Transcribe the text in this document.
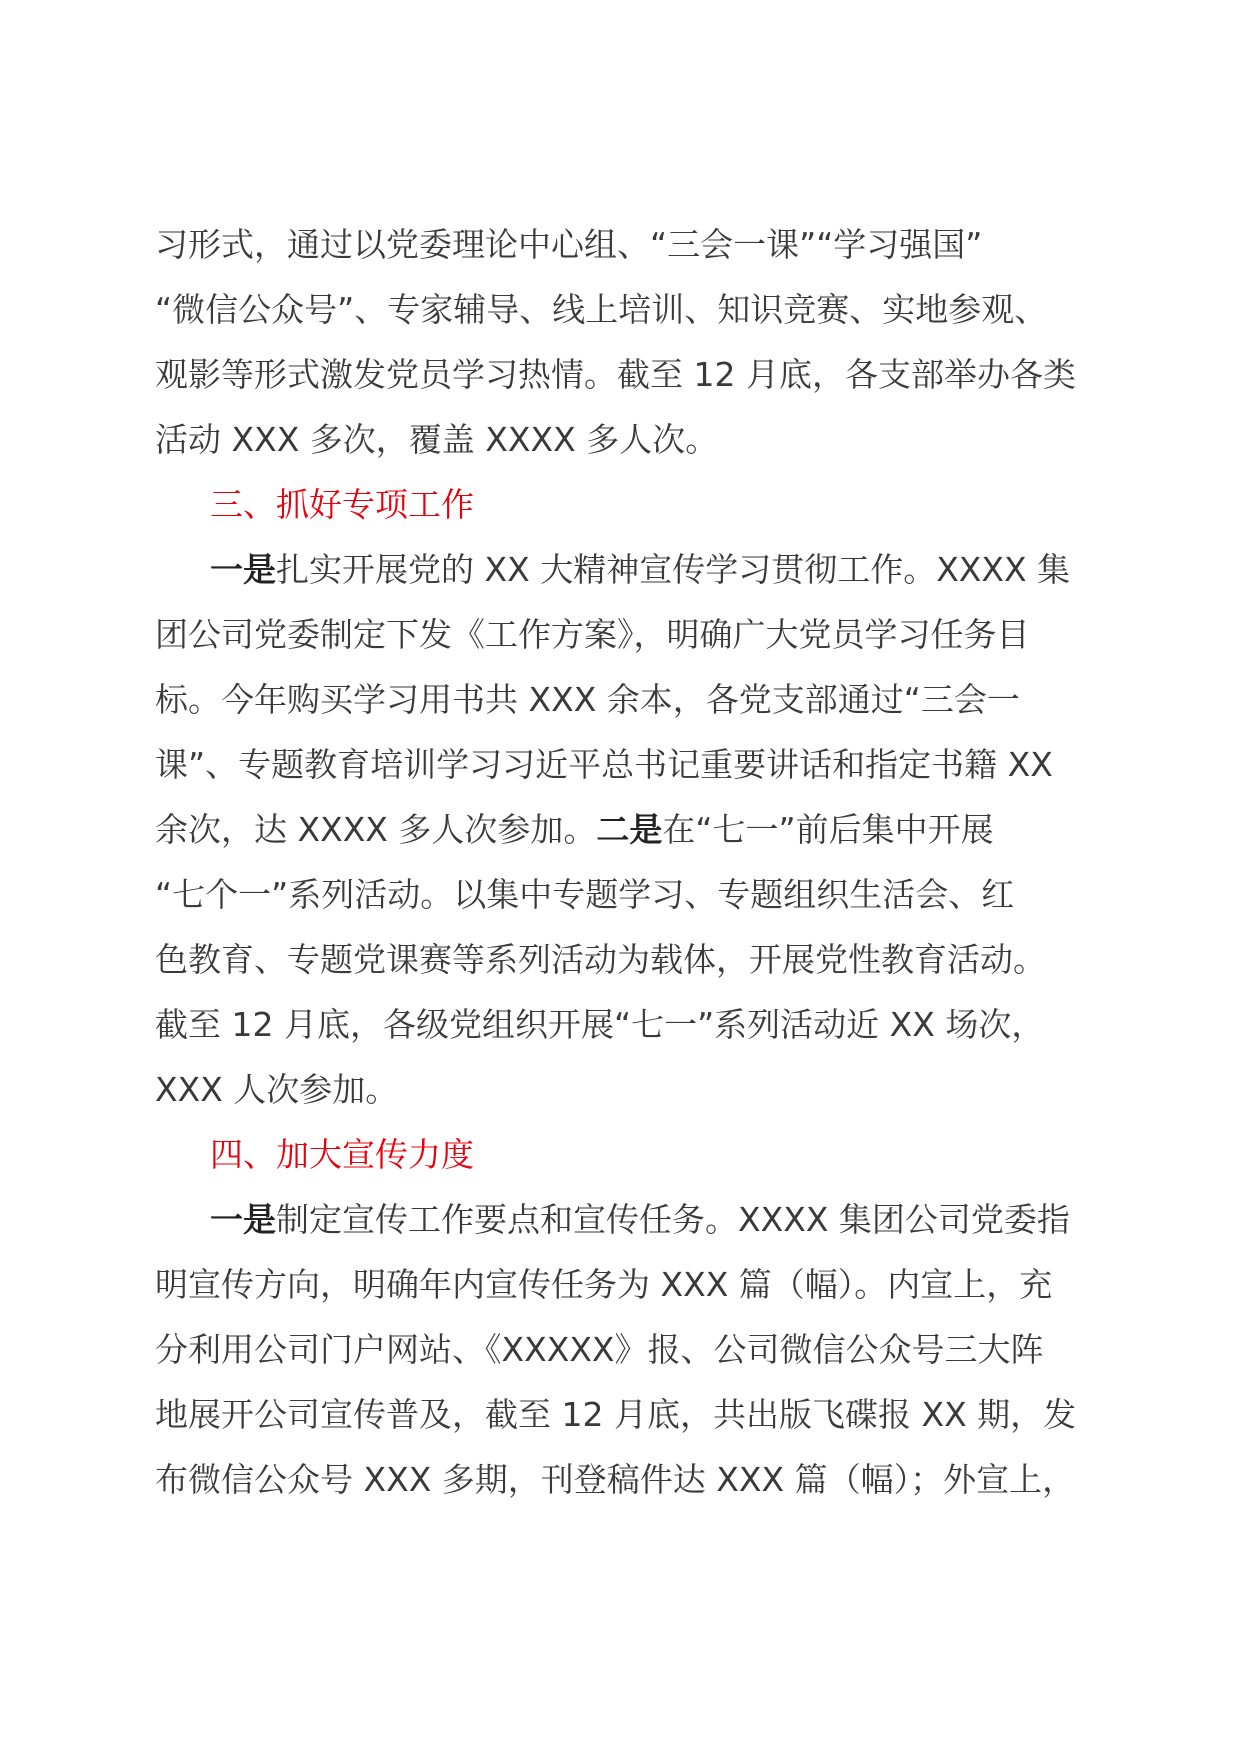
习形式，通过以党委理论中心组、“三会一课”“学习强国”
“微信公众号”、专家辅导、线上培训、知识竞赛、实地参观、
观影等形式激发党员学习热情。截至 12 月底，各支部举办各类
活动 XXX 多次，覆盖 XXXX 多人次。
三、抓好专项工作
一是扎实开展党的 XX 大精神宣传学习贯彻工作。XXXX 集
团公司党委制定下发《工作方案》，明确广大党员学习任务目
标。今年购买学习用书共 XXX 余本，各党支部通过“三会一
课”、专题教育培训学习习近平总书记重要讲话和指定书籍 XX
余次，达 XXXX 多人次参加。二是在“七一”前后集中开展
“七个一”系列活动。以集中专题学习、专题组织生活会、红
色教育、专题党课赛等系列活动为载体，开展党性教育活动。
截至 12 月底，各级党组织开展“七一”系列活动近 XX 场次，
XXX 人次参加。
四、加大宣传力度
一是制定宣传工作要点和宣传任务。XXXX 集团公司党委指
明宣传方向，明确年内宣传任务为 XXX 篇（幅）。内宣上，充
分利用公司门户网站、《XXXXX》报、公司微信公众号三大阵
地展开公司宣传普及，截至 12 月底，共出版飞碟报 XX 期，发
布微信公众号 XXX 多期，刊登稿件达 XXX 篇（幅）；外宣上，
